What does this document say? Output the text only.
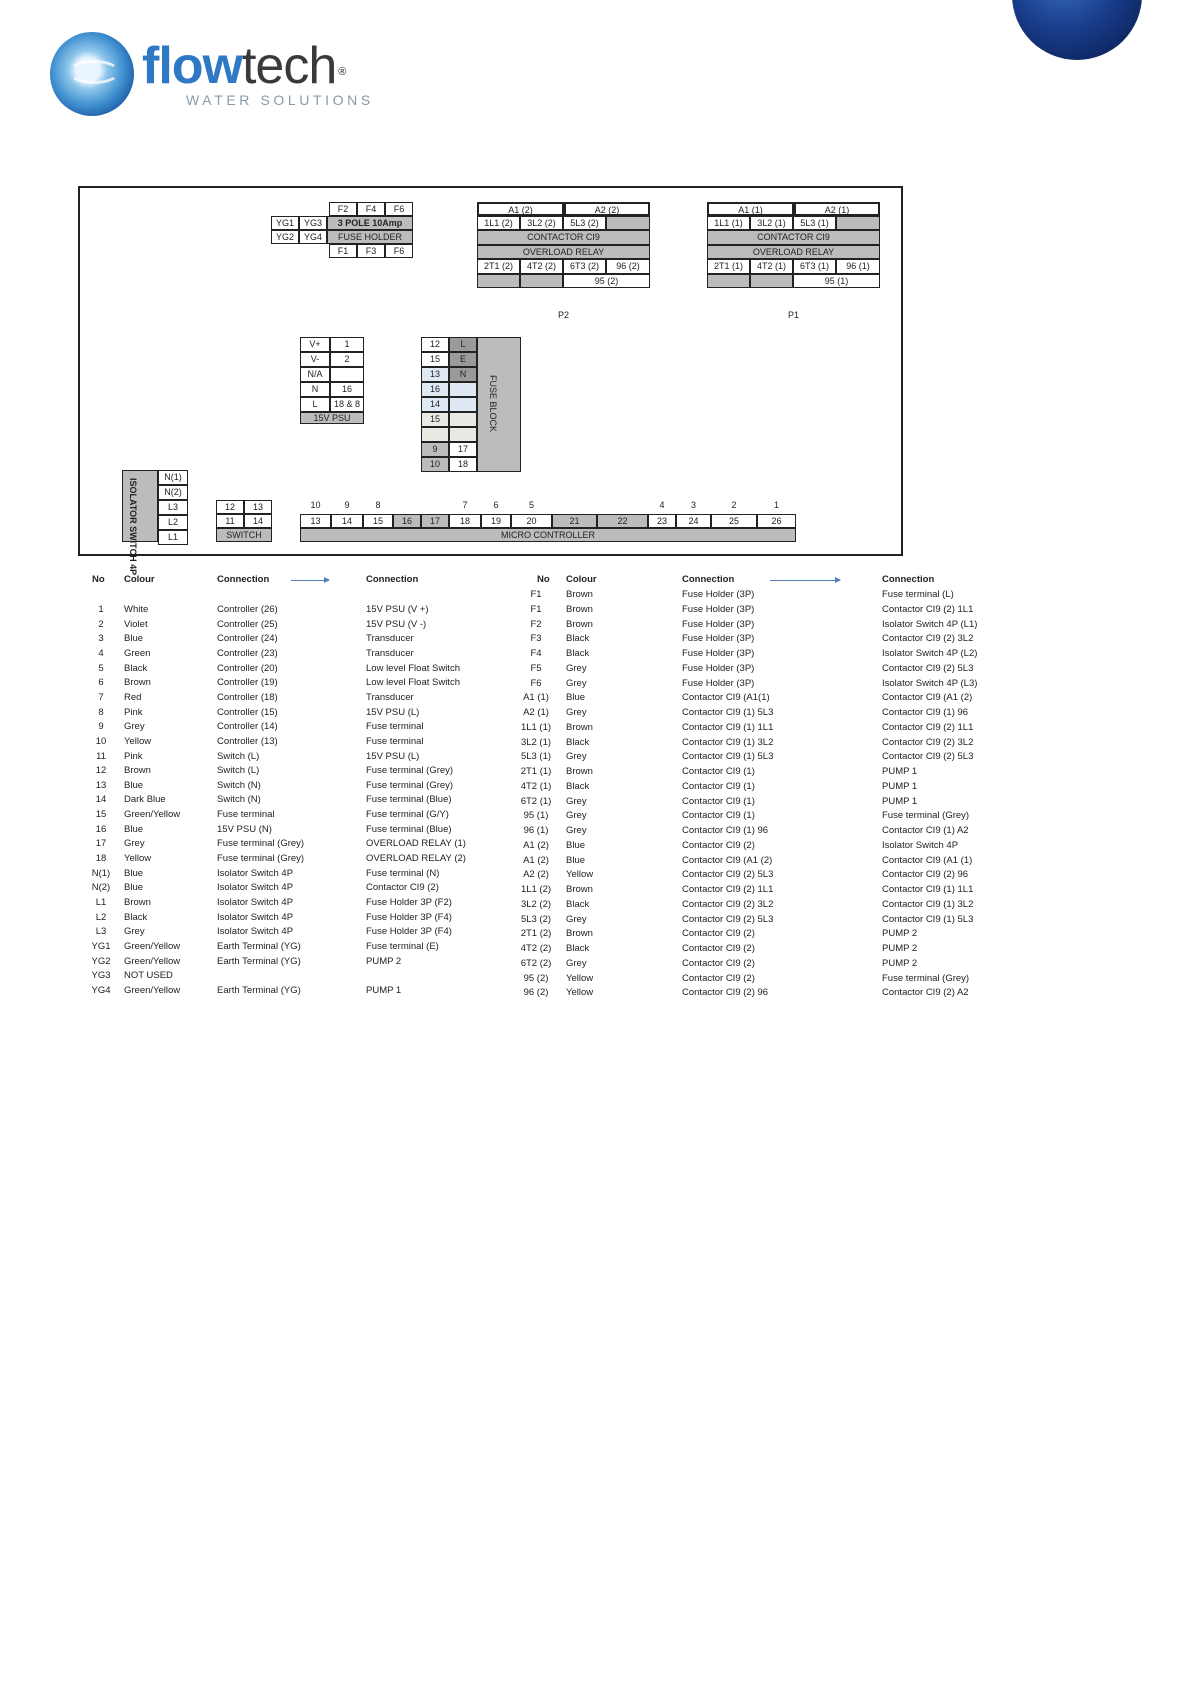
flowtech ®
WATER SOLUTIONS
F2	F4	F6
YG1	YG3
YG2	YG4
3 POLE 10Amp
FUSE HOLDER
F1	F3	F6
A1 (2)	A2 (2)
1L1 (2)	3L2 (2)	5L3 (2)
CONTACTOR CI9
OVERLOAD RELAY
2T1 (2)	4T2 (2)	6T3 (2)	96 (2)
95 (2)
P2
A1 (1)	A2 (1)
1L1 (1)	3L2 (1)	5L3 (1)
CONTACTOR CI9
OVERLOAD RELAY
2T1 (1)	4T2 (1)	6T3 (1)	96 (1)
95 (1)
P1
V+	1
V-	2
N/A
N	16
L	18 & 8
15V PSU
12	L
15	E
13	N
16
14
15
9	17
10	18
FUSE BLOCK
ISOLATOR SWITCH 4P
N(1)
N(2)
L3
L2
L1
12	13
11	14
SWITCH
10	9	8	7	6	5	4	3	2	1
13	14	15	16	17	18	19	20	21	22	23	24	25	26
MICRO CONTROLLER
No Colour	Connection	Connection
1	White	Controller (26)	15V PSU (V +)
2	Violet	Controller (25)	15V PSU (V -)
3	Blue	Controller (24)	Transducer
4	Green	Controller (23)	Transducer
5	Black	Controller (20)	Low level Float Switch
6	Brown	Controller (19)	Low level Float Switch
7	Red	Controller (18)	Transducer
8	Pink	Controller (15)	15V PSU (L)
9	Grey	Controller (14)	Fuse terminal
10	Yellow	Controller (13)	Fuse terminal
11	Pink	Switch (L)	15V PSU (L)
12	Brown	Switch (L)	Fuse terminal (Grey)
13	Blue	Switch (N)	Fuse terminal (Grey)
14	Dark Blue	Switch (N)	Fuse terminal (Blue)
15	Green/Yellow	Fuse terminal	Fuse terminal (G/Y)
16	Blue	15V PSU (N)	Fuse terminal (Blue)
17	Grey	Fuse terminal (Grey)	OVERLOAD RELAY (1)
18	Yellow	Fuse terminal (Grey)	OVERLOAD RELAY (2)
N(1)	Blue	Isolator Switch 4P	Fuse terminal (N)
N(2)	Blue	Isolator Switch 4P	Contactor CI9 (2)
L1	Brown	Isolator Switch 4P	Fuse Holder 3P (F2)
L2	Black	Isolator Switch 4P	Fuse Holder 3P (F4)
L3	Grey	Isolator Switch 4P	Fuse Holder 3P (F4)
YG1	Green/Yellow	Earth Terminal (YG)	Fuse terminal (E)
YG2	Green/Yellow	Earth Terminal (YG)	PUMP 2
YG3	NOT USED
YG4	Green/Yellow	Earth Terminal (YG)	PUMP 1
No Colour	Connection	Connection
F1	Brown	Fuse Holder (3P)	Fuse terminal (L)
F1	Brown	Fuse Holder (3P)	Contactor CI9 (2) 1L1
F2	Brown	Fuse Holder (3P)	Isolator Switch 4P (L1)
F3	Black	Fuse Holder (3P)	Contactor CI9 (2) 3L2
F4	Black	Fuse Holder (3P)	Isolator Switch 4P (L2)
F5	Grey	Fuse Holder (3P)	Contactor CI9 (2) 5L3
F6	Grey	Fuse Holder (3P)	Isolator Switch 4P (L3)
A1 (1)	Blue	Contactor CI9 (A1(1)	Contactor CI9 (A1 (2)
A2 (1)	Grey	Contactor CI9 (1) 5L3	Contactor CI9 (1) 96
1L1 (1)	Brown	Contactor CI9 (1) 1L1	Contactor CI9 (2) 1L1
3L2 (1)	Black	Contactor CI9 (1) 3L2	Contactor CI9 (2) 3L2
5L3 (1)	Grey	Contactor CI9 (1) 5L3	Contactor CI9 (2) 5L3
2T1 (1)	Brown	Contactor CI9 (1)	PUMP 1
4T2 (1)	Black	Contactor CI9 (1)	PUMP 1
6T2 (1)	Grey	Contactor CI9 (1)	PUMP 1
95 (1)	Grey	Contactor CI9 (1)	Fuse terminal (Grey)
96 (1)	Grey	Contactor CI9 (1) 96	Contactor CI9 (1) A2
A1 (2)	Blue	Contactor CI9 (2)	Isolator Switch 4P
A1 (2)	Blue	Contactor CI9 (A1 (2)	Contactor CI9 (A1 (1)
A2 (2)	Yellow	Contactor CI9 (2) 5L3	Contactor CI9 (2) 96
1L1 (2)	Brown	Contactor CI9 (2) 1L1	Contactor CI9 (1) 1L1
3L2 (2)	Black	Contactor CI9 (2) 3L2	Contactor CI9 (1) 3L2
5L3 (2)	Grey	Contactor CI9 (2) 5L3	Contactor CI9 (1) 5L3
2T1 (2)	Brown	Contactor CI9 (2)	PUMP 2
4T2 (2)	Black	Contactor CI9 (2)	PUMP 2
6T2 (2)	Grey	Contactor CI9 (2)	PUMP 2
95 (2)	Yellow	Contactor CI9 (2)	Fuse terminal (Grey)
96 (2)	Yellow	Contactor CI9 (2) 96	Contactor CI9 (2) A2
